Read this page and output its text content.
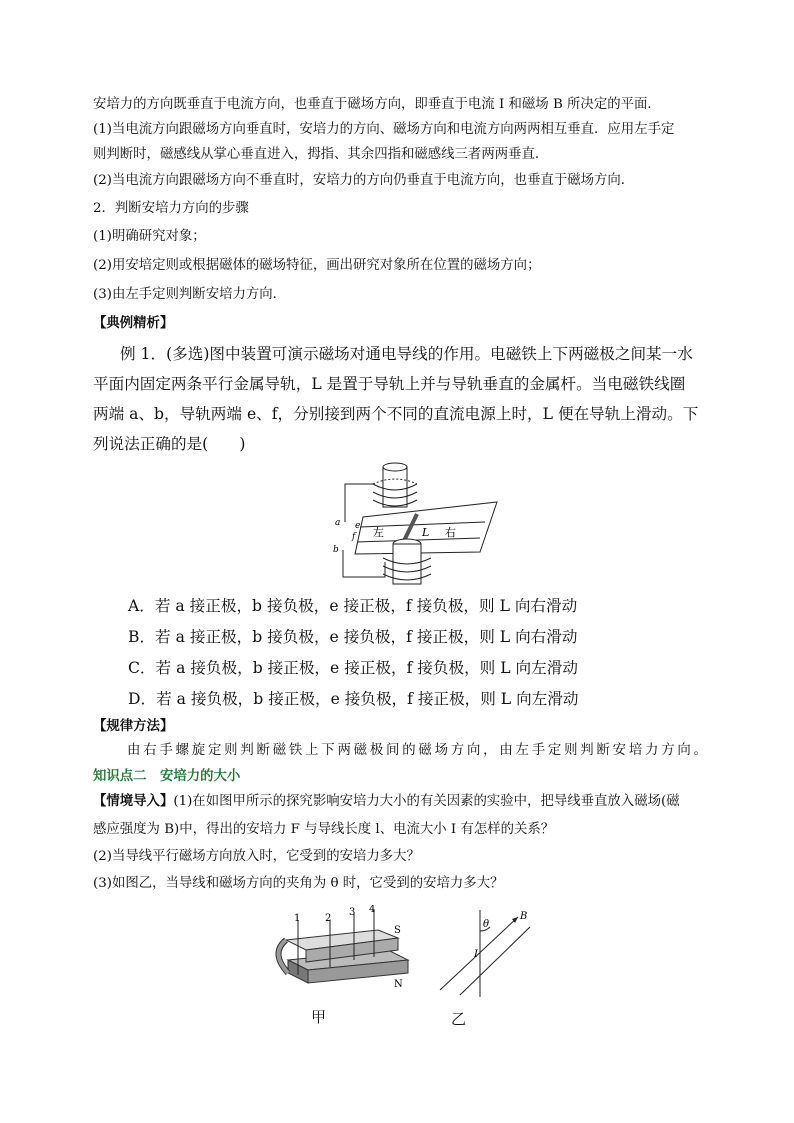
安培力的方向既垂直于电流方向，也垂直于磁场方向，即垂直于电流 I 和磁场 B 所决定的平面．
(1)当电流方向跟磁场方向垂直时，安培力的方向、磁场方向和电流方向两两相互垂直．应用左手定
则判断时，磁感线从掌心垂直进入，拇指、其余四指和磁感线三者两两垂直．
(2)当电流方向跟磁场方向不垂直时，安培力的方向仍垂直于电流方向，也垂直于磁场方向．
2．判断安培力方向的步骤
(1)明确研究对象；
(2)用安培定则或根据磁体的磁场特征，画出研究对象所在位置的磁场方向；
(3)由左手定则判断安培力方向．
【典例精析】
例 1．(多选)图中装置可演示磁场对通电导线的作用。电磁铁上下两磁极之间某一水
平面内固定两条平行金属导轨，L 是置于导轨上并与导轨垂直的金属杆。当电磁铁线圈
两端 a、b，导轨两端 e、f，分别接到两个不同的直流电源上时，L 便在导轨上滑动。下
列说法正确的是(　　)
a e
f
b
左	L 右
A．若 a 接正极，b 接负极，e 接正极，f 接负极，则 L 向右滑动
B．若 a 接正极，b 接负极，e 接负极，f 接正极，则 L 向右滑动
C．若 a 接负极，b 接正极，e 接正极，f 接负极，则 L 向左滑动
D．若 a 接负极，b 接正极，e 接负极，f 接正极，则 L 向左滑动
【规律方法】
由右手螺旋定则判断磁铁上下两磁极间的磁场方向，由左手定则判断安培力方向。
知识点二　安培力的大小
【情境导入】(1)在如图甲所示的探究影响安培力大小的有关因素的实验中，把导线垂直放入磁场(磁
感应强度为 B)中，得出的安培力 F 与导线长度 l、电流大小 I 有怎样的关系？
(2)当导线平行磁场方向放入时，它受到的安培力多大？
(3)如图乙，当导线和磁场方向的夹角为 θ 时，它受到的安培力多大？
1 2
3 4
S
N
B
θ
I
甲	乙
